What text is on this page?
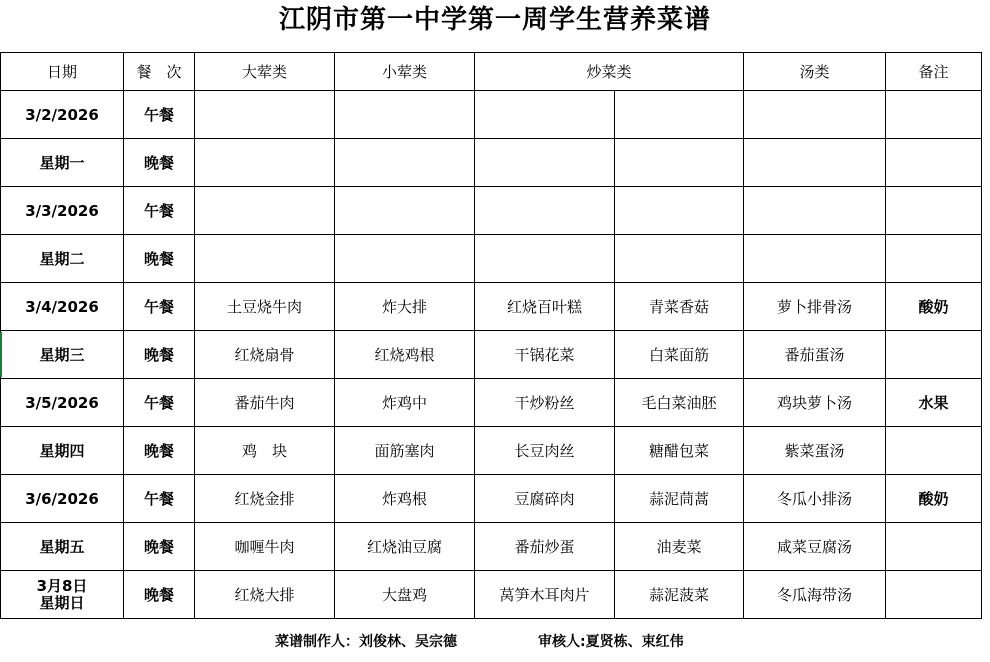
江阴市第一中学第一周学生营养菜谱
日期	餐　次	大荤类	小荤类	炒菜类		汤类	备注
3/2/2026	午餐						
星期一	晚餐						
3/3/2026	午餐						
星期二	晚餐						
3/4/2026	午餐	土豆烧牛肉	炸大排	红烧百叶糕	青菜香菇	萝卜排骨汤	酸奶
星期三	晚餐	红烧扇骨	红烧鸡根	干锅花菜	白菜面筋	番茄蛋汤	
3/5/2026	午餐	番茄牛肉	炸鸡中	干炒粉丝	毛白菜油胚	鸡块萝卜汤	水果
星期四	晚餐	鸡　块	面筋塞肉	长豆肉丝	糖醋包菜	紫菜蛋汤	
3/6/2026	午餐	红烧金排	炸鸡根	豆腐碎肉	蒜泥茼蒿	冬瓜小排汤	酸奶
星期五	晚餐	咖喱牛肉	红烧油豆腐	番茄炒蛋	油麦菜	咸菜豆腐汤	

3月8日
星期日	晚餐	红烧大排	大盘鸡	莴笋木耳肉片	蒜泥菠菜	冬瓜海带汤	
菜谱制作人：刘俊林、吴宗德	审核人:夏贤栋、束红伟
